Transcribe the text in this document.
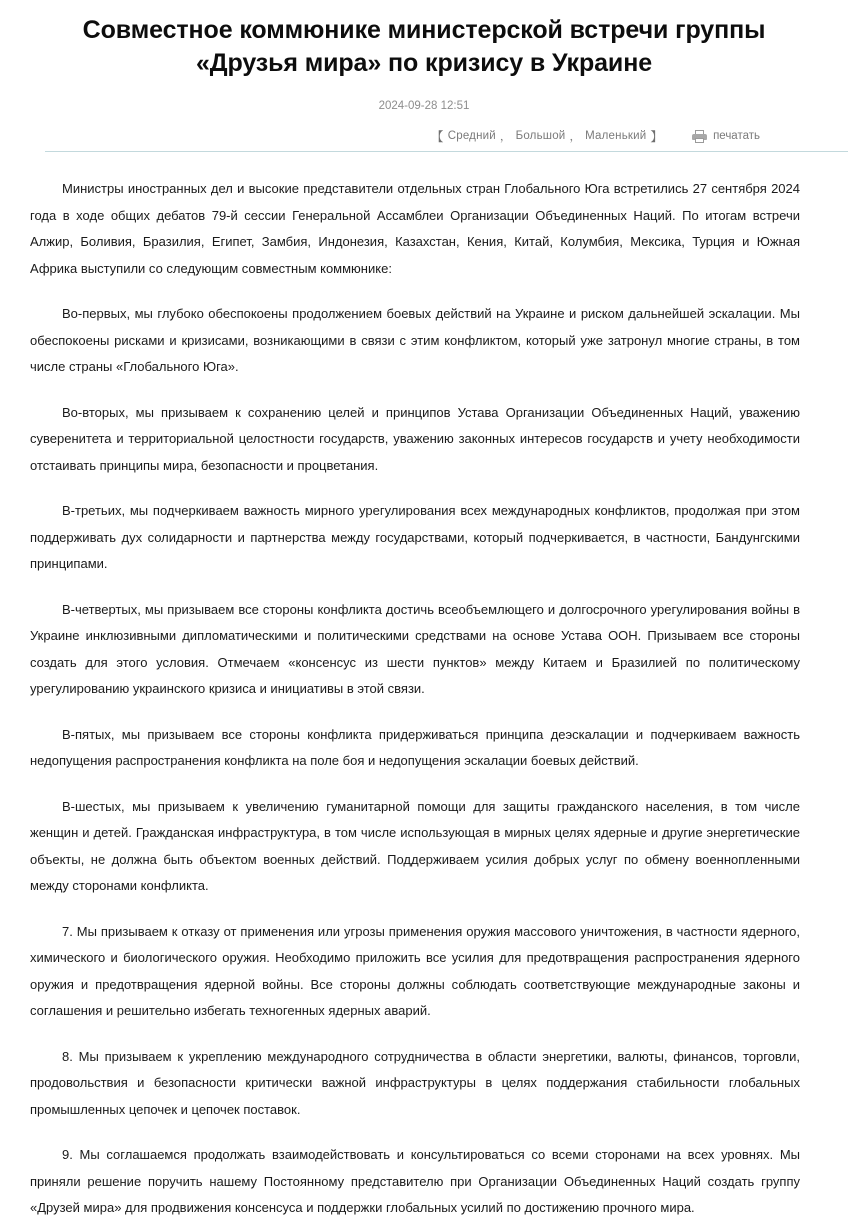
Совместное коммюнике министерской встречи группы «Друзья мира» по кризису в Украине
2024-09-28 12:51
【 Средний ， Большой ， Маленький 】	печатать

Министры иностранных дел и высокие представители отдельных стран Глобального Юга встретились 27 сентября 2024 года в ходе общих дебатов 79-й сессии Генеральной Ассамблеи Организации Объединенных Наций. По итогам встречи Алжир, Боливия, Бразилия, Египет, Замбия, Индонезия, Казахстан, Кения, Китай, Колумбия, Мексика, Турция и Южная Африка выступили со следующим совместным коммюнике:

Во-первых, мы глубоко обеспокоены продолжением боевых действий на Украине и риском дальнейшей эскалации. Мы обеспокоены рисками и кризисами, возникающими в связи с этим конфликтом, который уже затронул многие страны, в том числе страны «Глобального Юга».

Во-вторых, мы призываем к сохранению целей и принципов Устава Организации Объединенных Наций, уважению суверенитета и территориальной целостности государств, уважению законных интересов государств и учету необходимости отстаивать принципы мира, безопасности и процветания.

В-третьих, мы подчеркиваем важность мирного урегулирования всех международных конфликтов, продолжая при этом поддерживать дух солидарности и партнерства между государствами, который подчеркивается, в частности, Бандунгскими принципами.

В-четвертых, мы призываем все стороны конфликта достичь всеобъемлющего и долгосрочного урегулирования войны в Украине инклюзивными дипломатическими и политическими средствами на основе Устава ООН. Призываем все стороны создать для этого условия. Отмечаем «консенсус из шести пунктов» между Китаем и Бразилией по политическому урегулированию украинского кризиса и инициативы в этой связи.

В-пятых, мы призываем все стороны конфликта придерживаться принципа деэскалации и подчеркиваем важность недопущения распространения конфликта на поле боя и недопущения эскалации боевых действий.

В-шестых, мы призываем к увеличению гуманитарной помощи для защиты гражданского населения, в том числе женщин и детей. Гражданская инфраструктура, в том числе использующая в мирных целях ядерные и другие энергетические объекты, не должна быть объектом военных действий. Поддерживаем усилия добрых услуг по обмену военнопленными между сторонами конфликта.

7. Мы призываем к отказу от применения или угрозы применения оружия массового уничтожения, в частности ядерного, химического и биологического оружия. Необходимо приложить все усилия для предотвращения распространения ядерного оружия и предотвращения ядерной войны. Все стороны должны соблюдать соответствующие международные законы и соглашения и решительно избегать техногенных ядерных аварий.

8. Мы призываем к укреплению международного сотрудничества в области энергетики, валюты, финансов, торговли, продовольствия и безопасности критически важной инфраструктуры в целях поддержания стабильности глобальных промышленных цепочек и цепочек поставок.

9. Мы соглашаемся продолжать взаимодействовать и консультироваться со всеми сторонами на всех уровнях. Мы приняли решение поручить нашему Постоянному представителю при Организации Объединенных Наций создать группу «Друзей мира» для продвижения консенсуса и поддержки глобальных усилий по достижению прочного мира.
